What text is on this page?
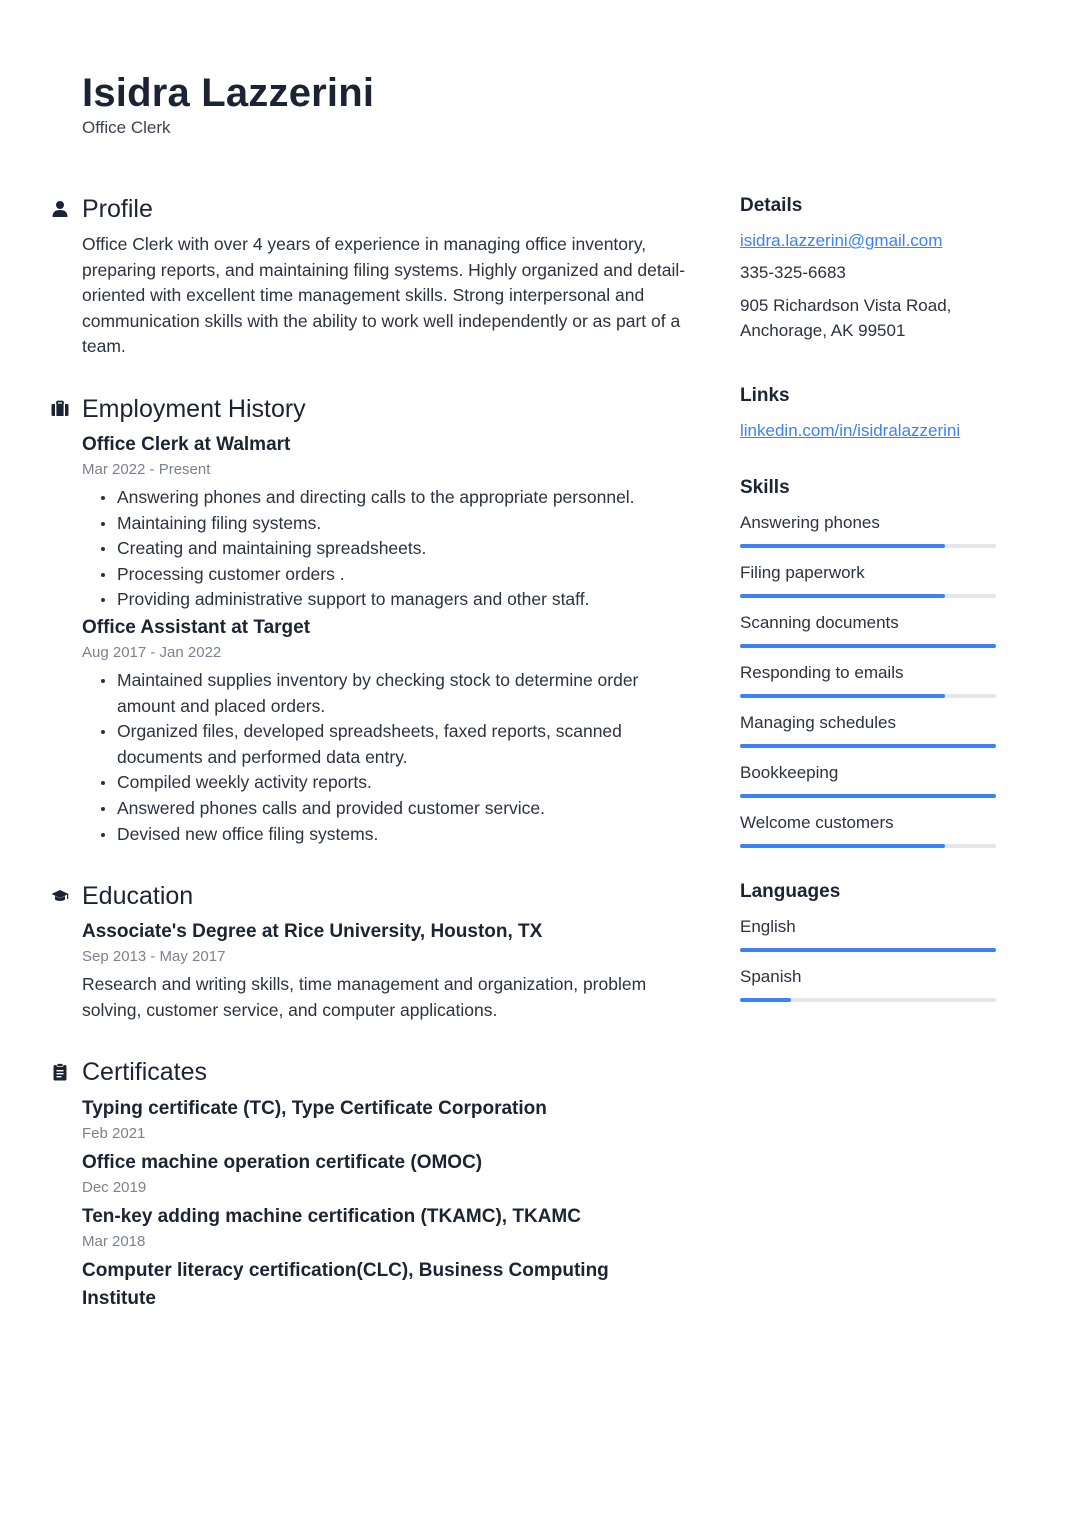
Isidra Lazzerini
Office Clerk
Profile
Office Clerk with over 4 years of experience in managing office inventory, preparing reports, and maintaining filing systems. Highly organized and detail-oriented with excellent time management skills. Strong interpersonal and communication skills with the ability to work well independently or as part of a team.
Employment History
Office Clerk at Walmart
Mar 2022 - Present
Answering phones and directing calls to the appropriate personnel.
Maintaining filing systems.
Creating and maintaining spreadsheets.
Processing customer orders .
Providing administrative support to managers and other staff.
Office Assistant at Target
Aug 2017 - Jan 2022
Maintained supplies inventory by checking stock to determine order amount and placed orders.
Organized files, developed spreadsheets, faxed reports, scanned documents and performed data entry.
Compiled weekly activity reports.
Answered phones calls and provided customer service.
Devised new office filing systems.
Education
Associate's Degree at Rice University, Houston, TX
Sep 2013 - May 2017
Research and writing skills, time management and organization, problem solving, customer service, and computer applications.
Certificates
Typing certificate (TC), Type Certificate Corporation
Feb 2021
Office machine operation certificate (OMOC)
Dec 2019
Ten-key adding machine certification (TKAMC), TKAMC
Mar 2018
Computer literacy certification(CLC), Business Computing Institute
Details
isidra.lazzerini@gmail.com
335-325-6683
905 Richardson Vista Road,
Anchorage, AK 99501
Links
linkedin.com/in/isidralazzerini
Skills
Answering phones
Filing paperwork
Scanning documents
Responding to emails
Managing schedules
Bookkeeping
Welcome customers
Languages
English
Spanish
